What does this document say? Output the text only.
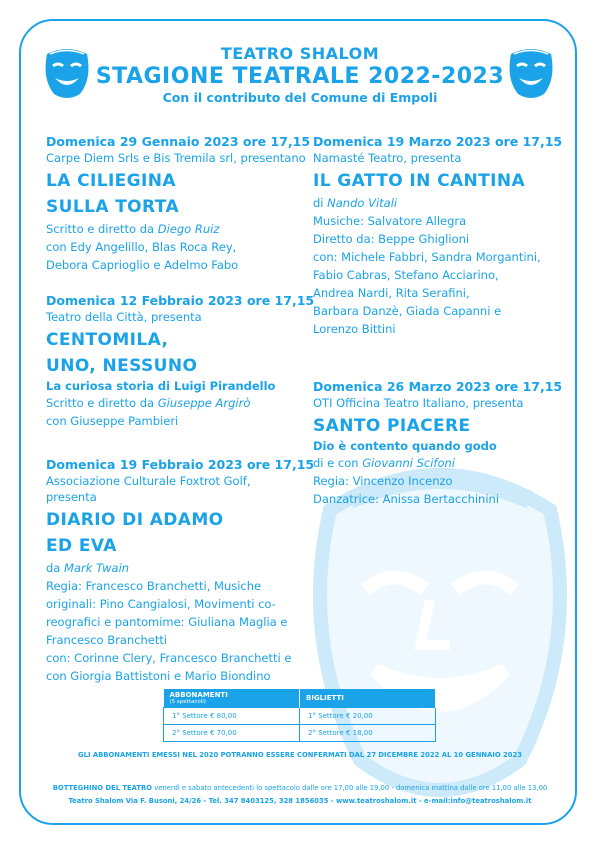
TEATRO SHALOM
STAGIONE TEATRALE 2022-2023
Con il contributo del Comune di Empoli
Domenica 29 Gennaio 2023 ore 17,15
Carpe Diem Srls e Bis Tremila srl, presentano
LA CILIEGINA
SULLA TORTA
Scritto e diretto da Diego Ruiz
con Edy Angelillo, Blas Roca Rey,
Debora Caprioglio e Adelmo Fabo
Domenica 12 Febbraio 2023 ore 17,15
Teatro della Città, presenta
CENTOMILA,
UNO, NESSUNO
La curiosa storia di Luigi Pirandello
Scritto e diretto da Giuseppe Argirò
con Giuseppe Pambieri
Domenica 19 Febbraio 2023 ore 17,15
Associazione Culturale Foxtrot Golf,
presenta
DIARIO DI ADAMO
ED EVA
da Mark Twain
Regia: Francesco Branchetti, Musiche
originali: Pino Cangialosi, Movimenti co-
reografici e pantomime: Giuliana Maglia e
Francesco Branchetti
con: Corinne Clery, Francesco Branchetti e
con Giorgia Battistoni e Mario Biondino
Domenica 19 Marzo 2023 ore 17,15
Namasté Teatro, presenta
IL GATTO IN CANTINA
di Nando Vitali
Musiche: Salvatore Allegra
Diretto da: Beppe Ghiglioni
con: Michele Fabbri, Sandra Morgantini,
Fabio Cabras, Stefano Acciarino,
Andrea Nardi, Rita Serafini,
Barbara Danzè, Giada Capanni e
Lorenzo Bittini
Domenica 26 Marzo 2023 ore 17,15
OTI Officina Teatro Italiano, presenta
SANTO PIACERE
Dio è contento quando godo
di e con Giovanni Scifoni
Regia: Vincenzo Incenzo
Danzatrice: Anissa Bertacchinini
ABBONAMENTI
(5 spettacoli)	BIGLIETTI
1° Settore € 80,00	1° Settore € 20,00
2° Settore € 70,00	2° Settore € 18,00
GLI ABBONAMENTI EMESSI NEL 2020 POTRANNO ESSERE CONFERMATI DAL 27 DICEMBRE 2022 AL 10 GENNAIO 2023
BOTTEGHINO DEL TEATRO venerdì e sabato antecedenti lo spettacolo dalle ore 17,00 alle 19,00 - domenica mattina dalle ore 11,00 alle 13,00
Teatro Shalom Via F. Busoni, 24/26 - Tel. 347 8403125, 328 1856035 - www.teatroshalom.it - e-mail:info@teatroshalom.it
